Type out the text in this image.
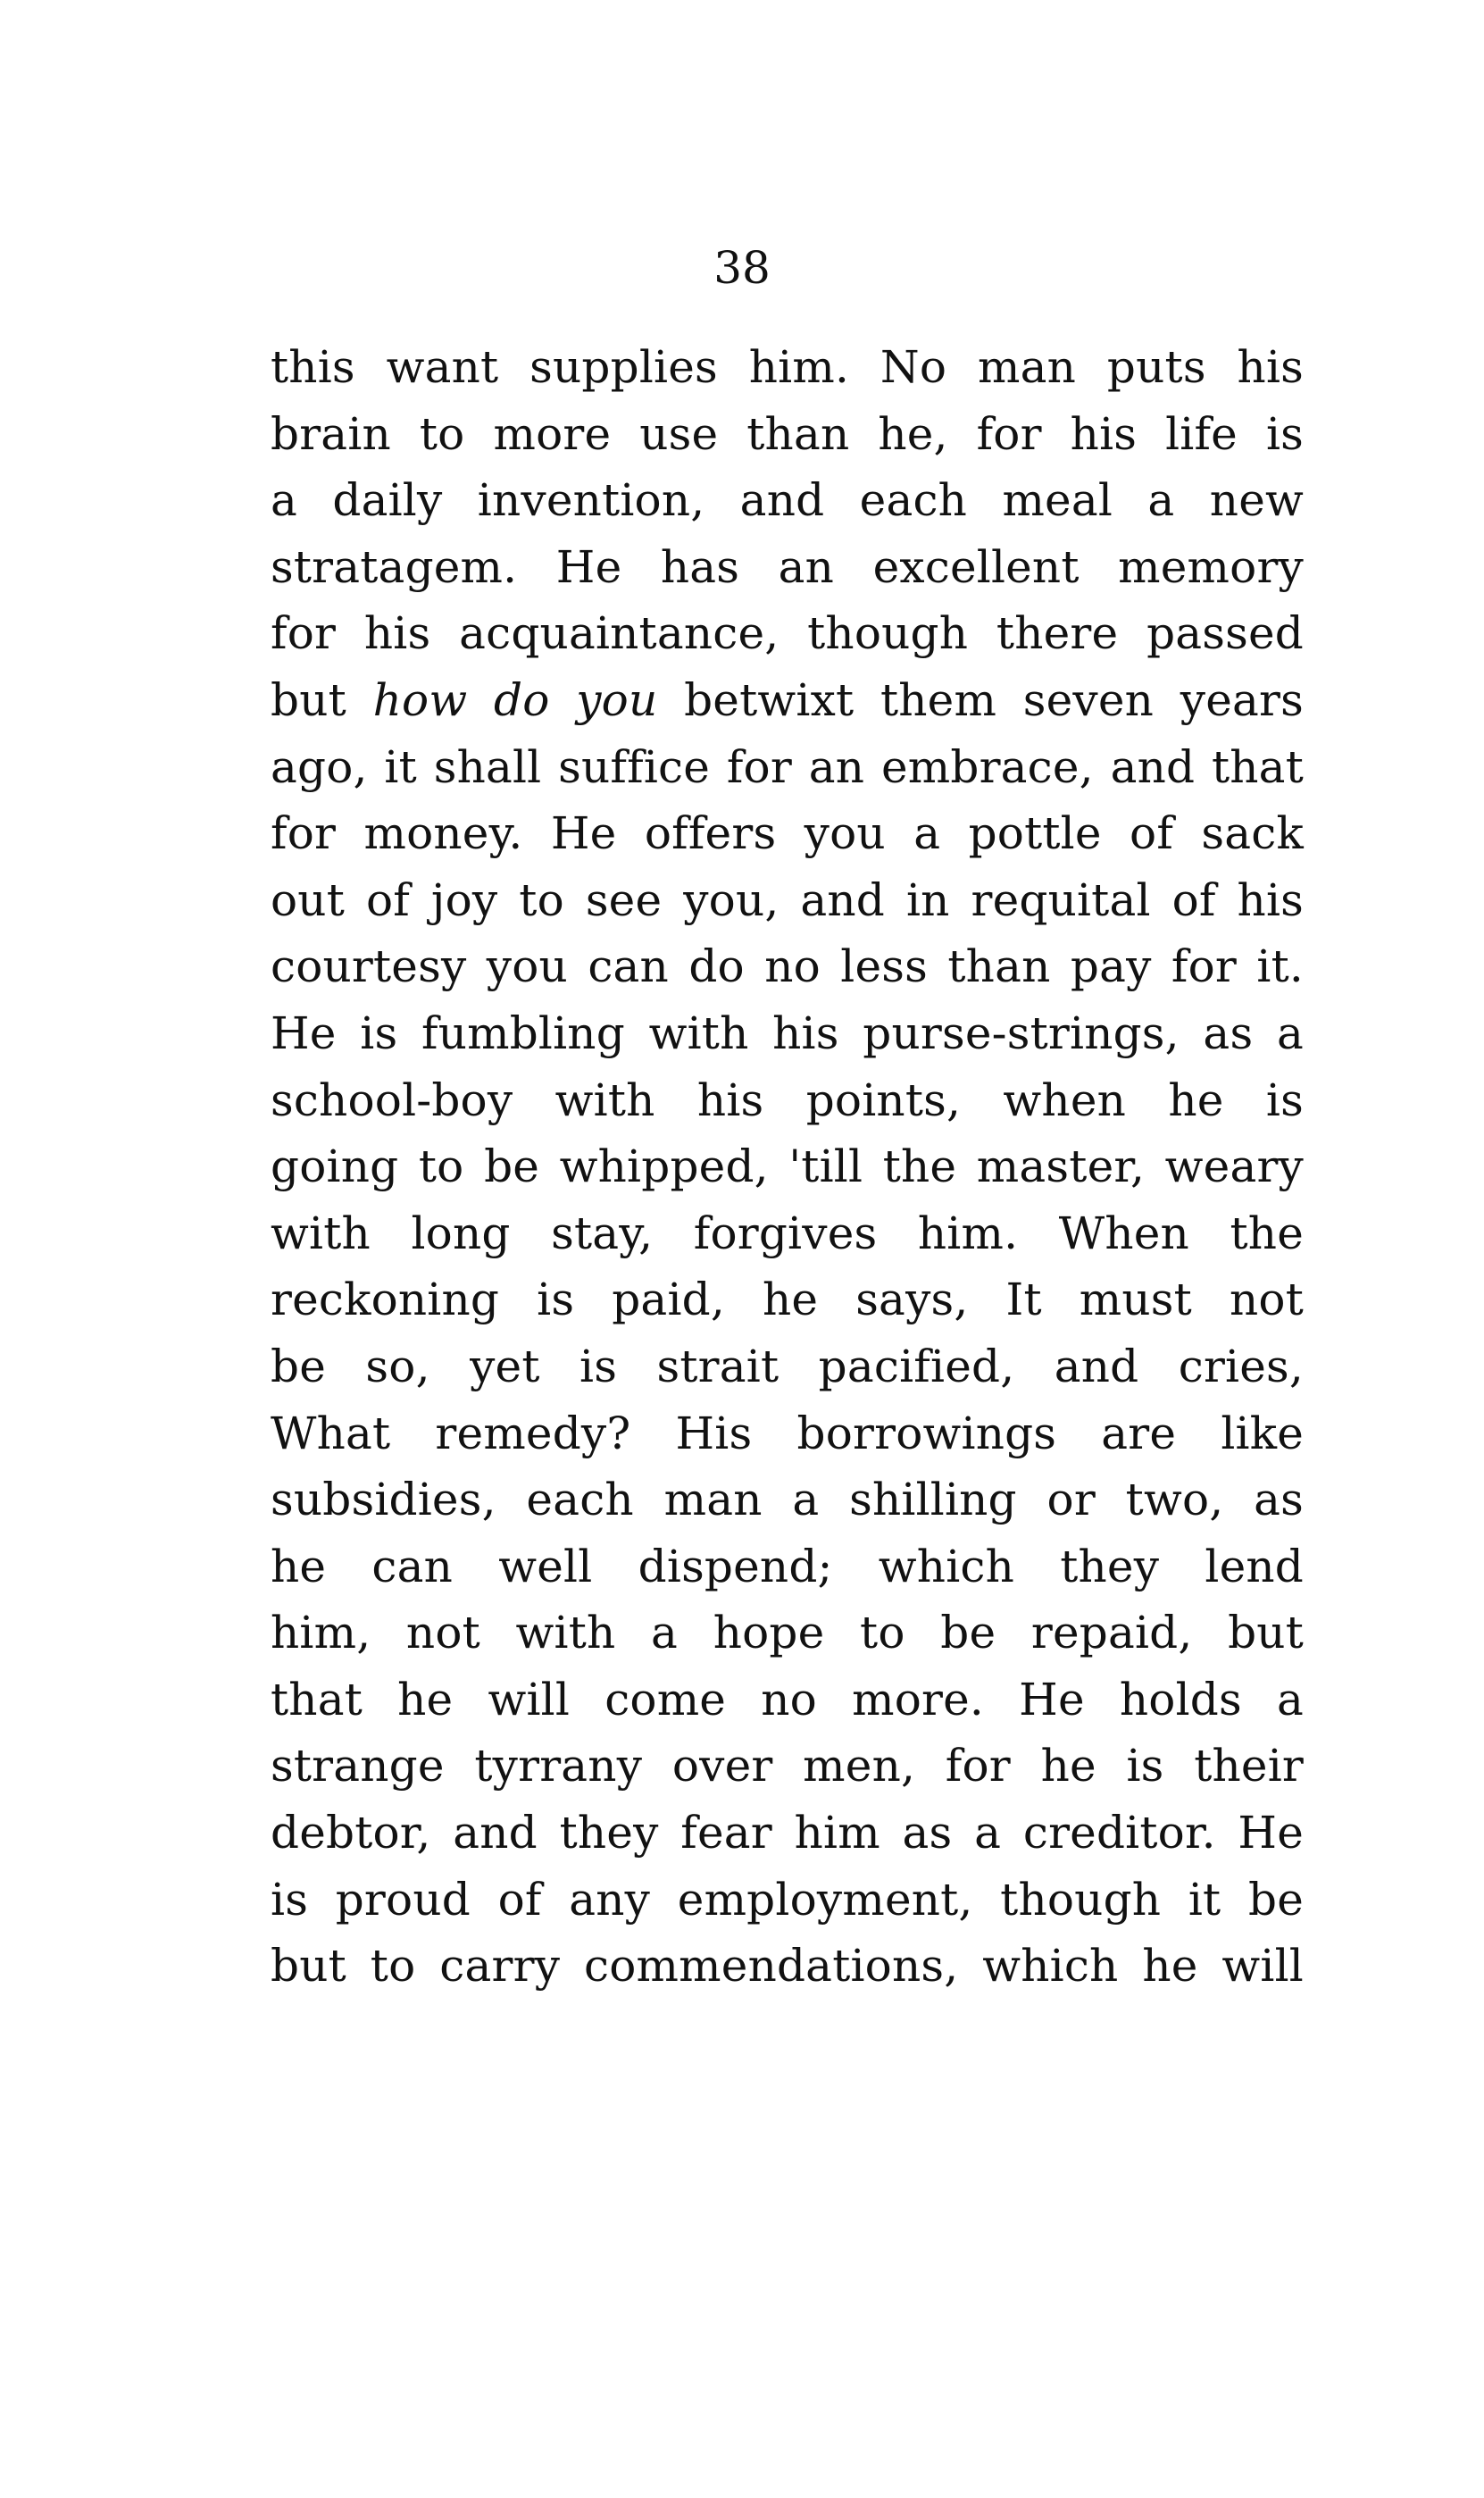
38
this want supplies him. No man puts his
brain to more use than he, for his life is
a daily invention, and each meal a new
stratagem. He has an excellent memory
for his acquaintance, though there passed
but how do you betwixt them seven years
ago, it shall suffice for an embrace, and that
for money. He offers you a pottle of sack
out of joy to see you, and in requital of his
courtesy you can do no less than pay for it.
He is fumbling with his purse-strings, as a
school-boy with his points, when he is
going to be whipped, 'till the master, weary
with long stay, forgives him. When the
reckoning is paid, he says, It must not
be so, yet is strait pacified, and cries,
What remedy? His borrowings are like
subsidies, each man a shilling or two, as
he can well dispend; which they lend
him, not with a hope to be repaid, but
that he will come no more. He holds a
strange tyrrany over men, for he is their
debtor, and they fear him as a creditor. He
is proud of any employment, though it be
but to carry commendations, which he will
